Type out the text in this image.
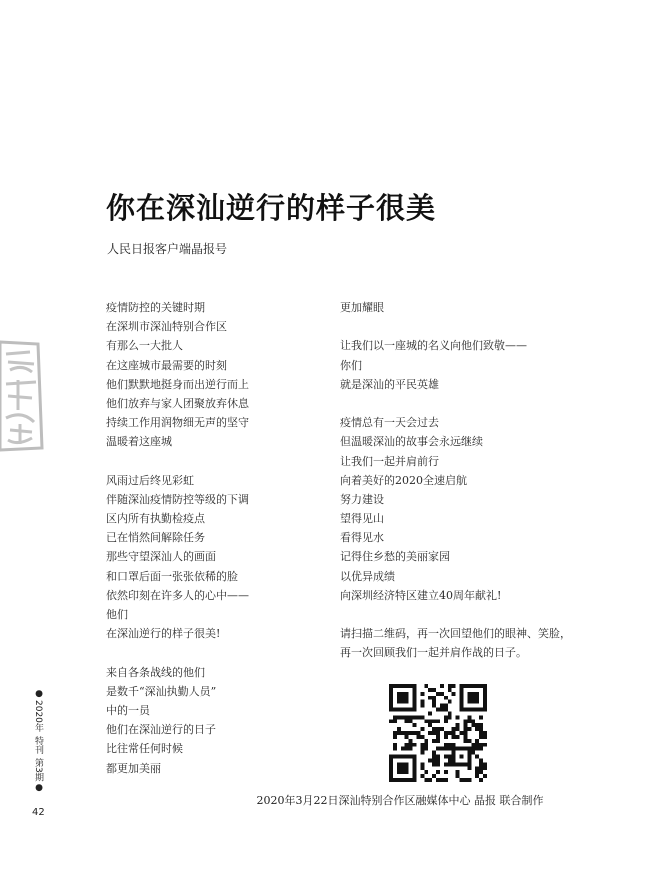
你在深汕逆行的样子很美
人民日报客户端晶报号
疫情防控的关键时期
在深圳市深汕特别合作区
有那么一大批人
在这座城市最需要的时刻
他们默默地挺身而出逆行而上
他们放弃与家人团聚放弃休息
持续工作用润物细无声的坚守
温暖着这座城
风雨过后终见彩虹
伴随深汕疫情防控等级的下调
区内所有执勤检疫点
已在悄然间解除任务
那些守望深汕人的画面
和口罩后面一张张依稀的脸
依然印刻在许多人的心中——
他们
在深汕逆行的样子很美!
来自各条战线的他们
是数千“深汕执勤人员”
中的一员
他们在深汕逆行的日子
比往常任何时候
都更加美丽
更加耀眼
让我们以一座城的名义向他们致敬——
你们
就是深汕的平民英雄
疫情总有一天会过去
但温暖深汕的故事会永远继续
让我们一起并肩前行
向着美好的2020全速启航
努力建设
望得见山
看得见水
记得住乡愁的美丽家园
以优异成绩
向深圳经济特区建立40周年献礼!
请扫描二维码，再一次回望他们的眼神、笑脸，再一次回顾我们一起并肩作战的日子。
2020年3月22日深汕特别合作区融媒体中心 晶报 联合制作
●
2020年
特刊
第3期
●
42
